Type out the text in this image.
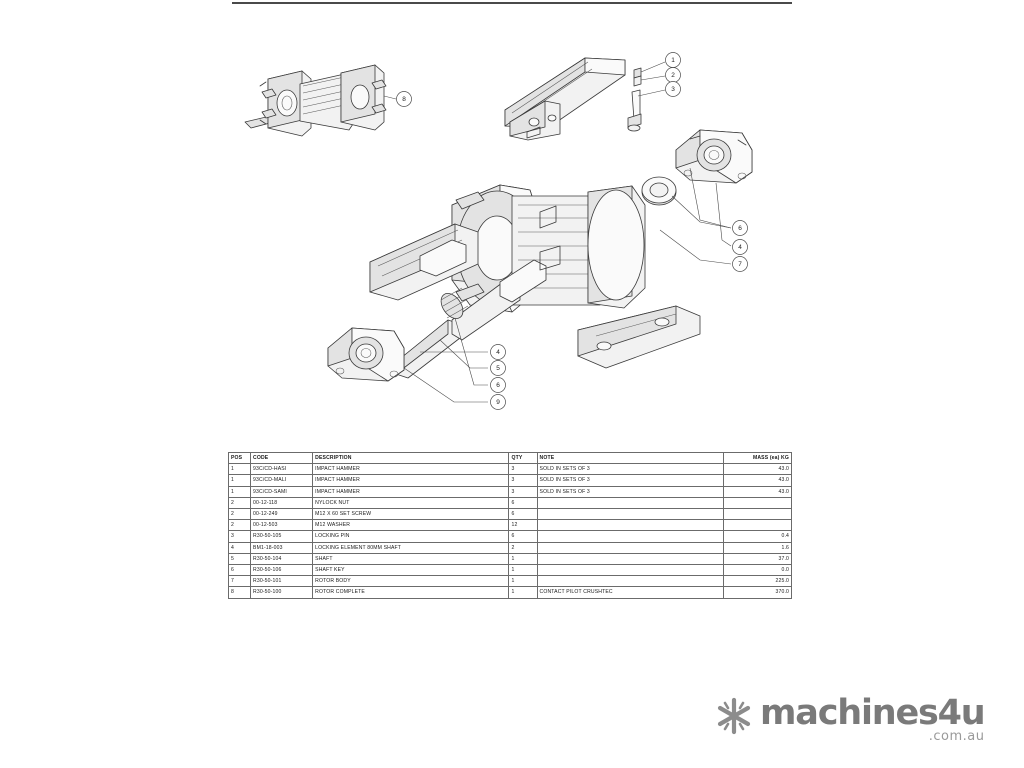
8
1
2
3
6
4
7
4
5
6
9
POS	CODE	DESCRIPTION	QTY	NOTE	MASS (ea) KG
1	93C/CD-HASI	IMPACT HAMMER	3	SOLD IN SETS OF 3	43.0
1	93C/CD-MALI	IMPACT HAMMER	3	SOLD IN SETS OF 3	43.0
1	93C/CD-SAMI	IMPACT HAMMER	3	SOLD IN SETS OF 3	43.0
2	00-12-118	NYLOCK NUT	6		
2	00-12-249	M12 X 60 SET SCREW	6		
2	00-12-503	M12 WASHER	12		
3	R30-50-105	LOCKING PIN	6		0.4
4	BM1-18-003	LOCKING ELEMENT 80MM SHAFT	2		1.6
5	R30-50-104	SHAFT	1		37.0
6	R30-50-106	SHAFT KEY	1		0.0
7	R30-50-101	ROTOR BODY	1		225.0
8	R30-50-100	ROTOR COMPLETE	1	CONTACT PILOT CRUSHTEC	370.0
machines4u
.com.au
